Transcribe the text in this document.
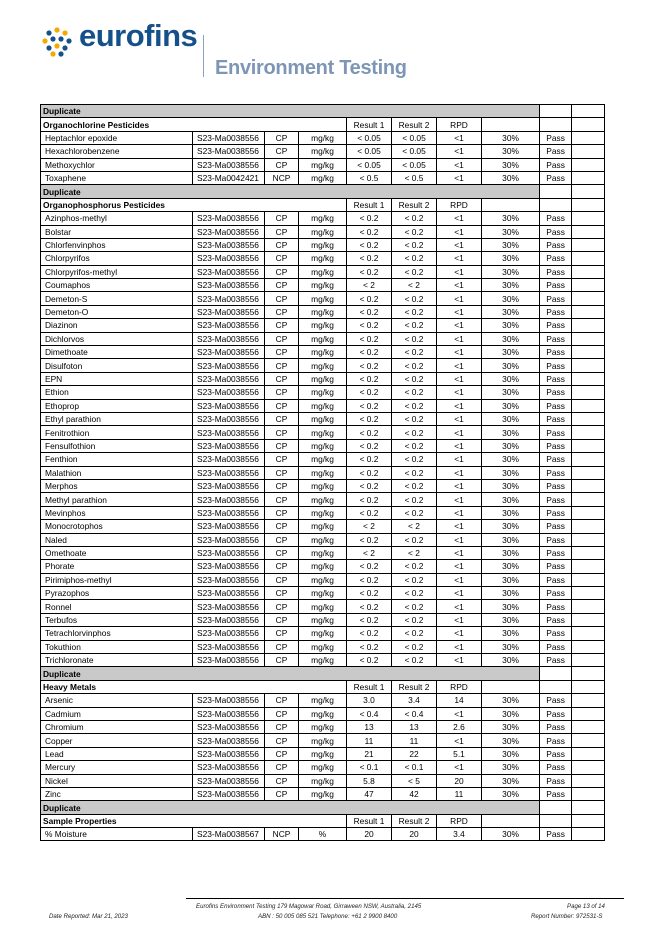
eurofins
Environment Testing
Duplicate									
Organochlorine Pesticides				Result 1	Result 2	RPD			
Heptachlor epoxide	S23-Ma0038556	CP	mg/kg	< 0.05	< 0.05	<1	30%	Pass	
Hexachlorobenzene	S23-Ma0038556	CP	mg/kg	< 0.05	< 0.05	<1	30%	Pass	
Methoxychlor	S23-Ma0038556	CP	mg/kg	< 0.05	< 0.05	<1	30%	Pass	
Toxaphene	S23-Ma0042421	NCP	mg/kg	< 0.5	< 0.5	<1	30%	Pass	
Duplicate									
Organophosphorus Pesticides				Result 1	Result 2	RPD			
Azinphos-methyl	S23-Ma0038556	CP	mg/kg	< 0.2	< 0.2	<1	30%	Pass	
Bolstar	S23-Ma0038556	CP	mg/kg	< 0.2	< 0.2	<1	30%	Pass	
Chlorfenvinphos	S23-Ma0038556	CP	mg/kg	< 0.2	< 0.2	<1	30%	Pass	
Chlorpyrifos	S23-Ma0038556	CP	mg/kg	< 0.2	< 0.2	<1	30%	Pass	
Chlorpyrifos-methyl	S23-Ma0038556	CP	mg/kg	< 0.2	< 0.2	<1	30%	Pass	
Coumaphos	S23-Ma0038556	CP	mg/kg	< 2	< 2	<1	30%	Pass	
Demeton-S	S23-Ma0038556	CP	mg/kg	< 0.2	< 0.2	<1	30%	Pass	
Demeton-O	S23-Ma0038556	CP	mg/kg	< 0.2	< 0.2	<1	30%	Pass	
Diazinon	S23-Ma0038556	CP	mg/kg	< 0.2	< 0.2	<1	30%	Pass	
Dichlorvos	S23-Ma0038556	CP	mg/kg	< 0.2	< 0.2	<1	30%	Pass	
Dimethoate	S23-Ma0038556	CP	mg/kg	< 0.2	< 0.2	<1	30%	Pass	
Disulfoton	S23-Ma0038556	CP	mg/kg	< 0.2	< 0.2	<1	30%	Pass	
EPN	S23-Ma0038556	CP	mg/kg	< 0.2	< 0.2	<1	30%	Pass	
Ethion	S23-Ma0038556	CP	mg/kg	< 0.2	< 0.2	<1	30%	Pass	
Ethoprop	S23-Ma0038556	CP	mg/kg	< 0.2	< 0.2	<1	30%	Pass	
Ethyl parathion	S23-Ma0038556	CP	mg/kg	< 0.2	< 0.2	<1	30%	Pass	
Fenitrothion	S23-Ma0038556	CP	mg/kg	< 0.2	< 0.2	<1	30%	Pass	
Fensulfothion	S23-Ma0038556	CP	mg/kg	< 0.2	< 0.2	<1	30%	Pass	
Fenthion	S23-Ma0038556	CP	mg/kg	< 0.2	< 0.2	<1	30%	Pass	
Malathion	S23-Ma0038556	CP	mg/kg	< 0.2	< 0.2	<1	30%	Pass	
Merphos	S23-Ma0038556	CP	mg/kg	< 0.2	< 0.2	<1	30%	Pass	
Methyl parathion	S23-Ma0038556	CP	mg/kg	< 0.2	< 0.2	<1	30%	Pass	
Mevinphos	S23-Ma0038556	CP	mg/kg	< 0.2	< 0.2	<1	30%	Pass	
Monocrotophos	S23-Ma0038556	CP	mg/kg	< 2	< 2	<1	30%	Pass	
Naled	S23-Ma0038556	CP	mg/kg	< 0.2	< 0.2	<1	30%	Pass	
Omethoate	S23-Ma0038556	CP	mg/kg	< 2	< 2	<1	30%	Pass	
Phorate	S23-Ma0038556	CP	mg/kg	< 0.2	< 0.2	<1	30%	Pass	
Pirimiphos-methyl	S23-Ma0038556	CP	mg/kg	< 0.2	< 0.2	<1	30%	Pass	
Pyrazophos	S23-Ma0038556	CP	mg/kg	< 0.2	< 0.2	<1	30%	Pass	
Ronnel	S23-Ma0038556	CP	mg/kg	< 0.2	< 0.2	<1	30%	Pass	
Terbufos	S23-Ma0038556	CP	mg/kg	< 0.2	< 0.2	<1	30%	Pass	
Tetrachlorvinphos	S23-Ma0038556	CP	mg/kg	< 0.2	< 0.2	<1	30%	Pass	
Tokuthion	S23-Ma0038556	CP	mg/kg	< 0.2	< 0.2	<1	30%	Pass	
Trichloronate	S23-Ma0038556	CP	mg/kg	< 0.2	< 0.2	<1	30%	Pass	
Duplicate									
Heavy Metals				Result 1	Result 2	RPD			
Arsenic	S23-Ma0038556	CP	mg/kg	3.0	3.4	14	30%	Pass	
Cadmium	S23-Ma0038556	CP	mg/kg	< 0.4	< 0.4	<1	30%	Pass	
Chromium	S23-Ma0038556	CP	mg/kg	13	13	2.6	30%	Pass	
Copper	S23-Ma0038556	CP	mg/kg	11	11	<1	30%	Pass	
Lead	S23-Ma0038556	CP	mg/kg	21	22	5.1	30%	Pass	
Mercury	S23-Ma0038556	CP	mg/kg	< 0.1	< 0.1	<1	30%	Pass	
Nickel	S23-Ma0038556	CP	mg/kg	5.8	< 5	20	30%	Pass	
Zinc	S23-Ma0038556	CP	mg/kg	47	42	11	30%	Pass	
Duplicate									
Sample Properties				Result 1	Result 2	RPD			
% Moisture	S23-Ma0038567	NCP	%	20	20	3.4	30%	Pass	
Eurofins Environment Testing 179 Magowar Road, Girraween NSW, Australia, 2145	Page 13 of 14
Date Reported: Mar 21, 2023	ABN : 50 005 085 521 Telephone: +61 2 9900 8400	Report Number: 972531-S
